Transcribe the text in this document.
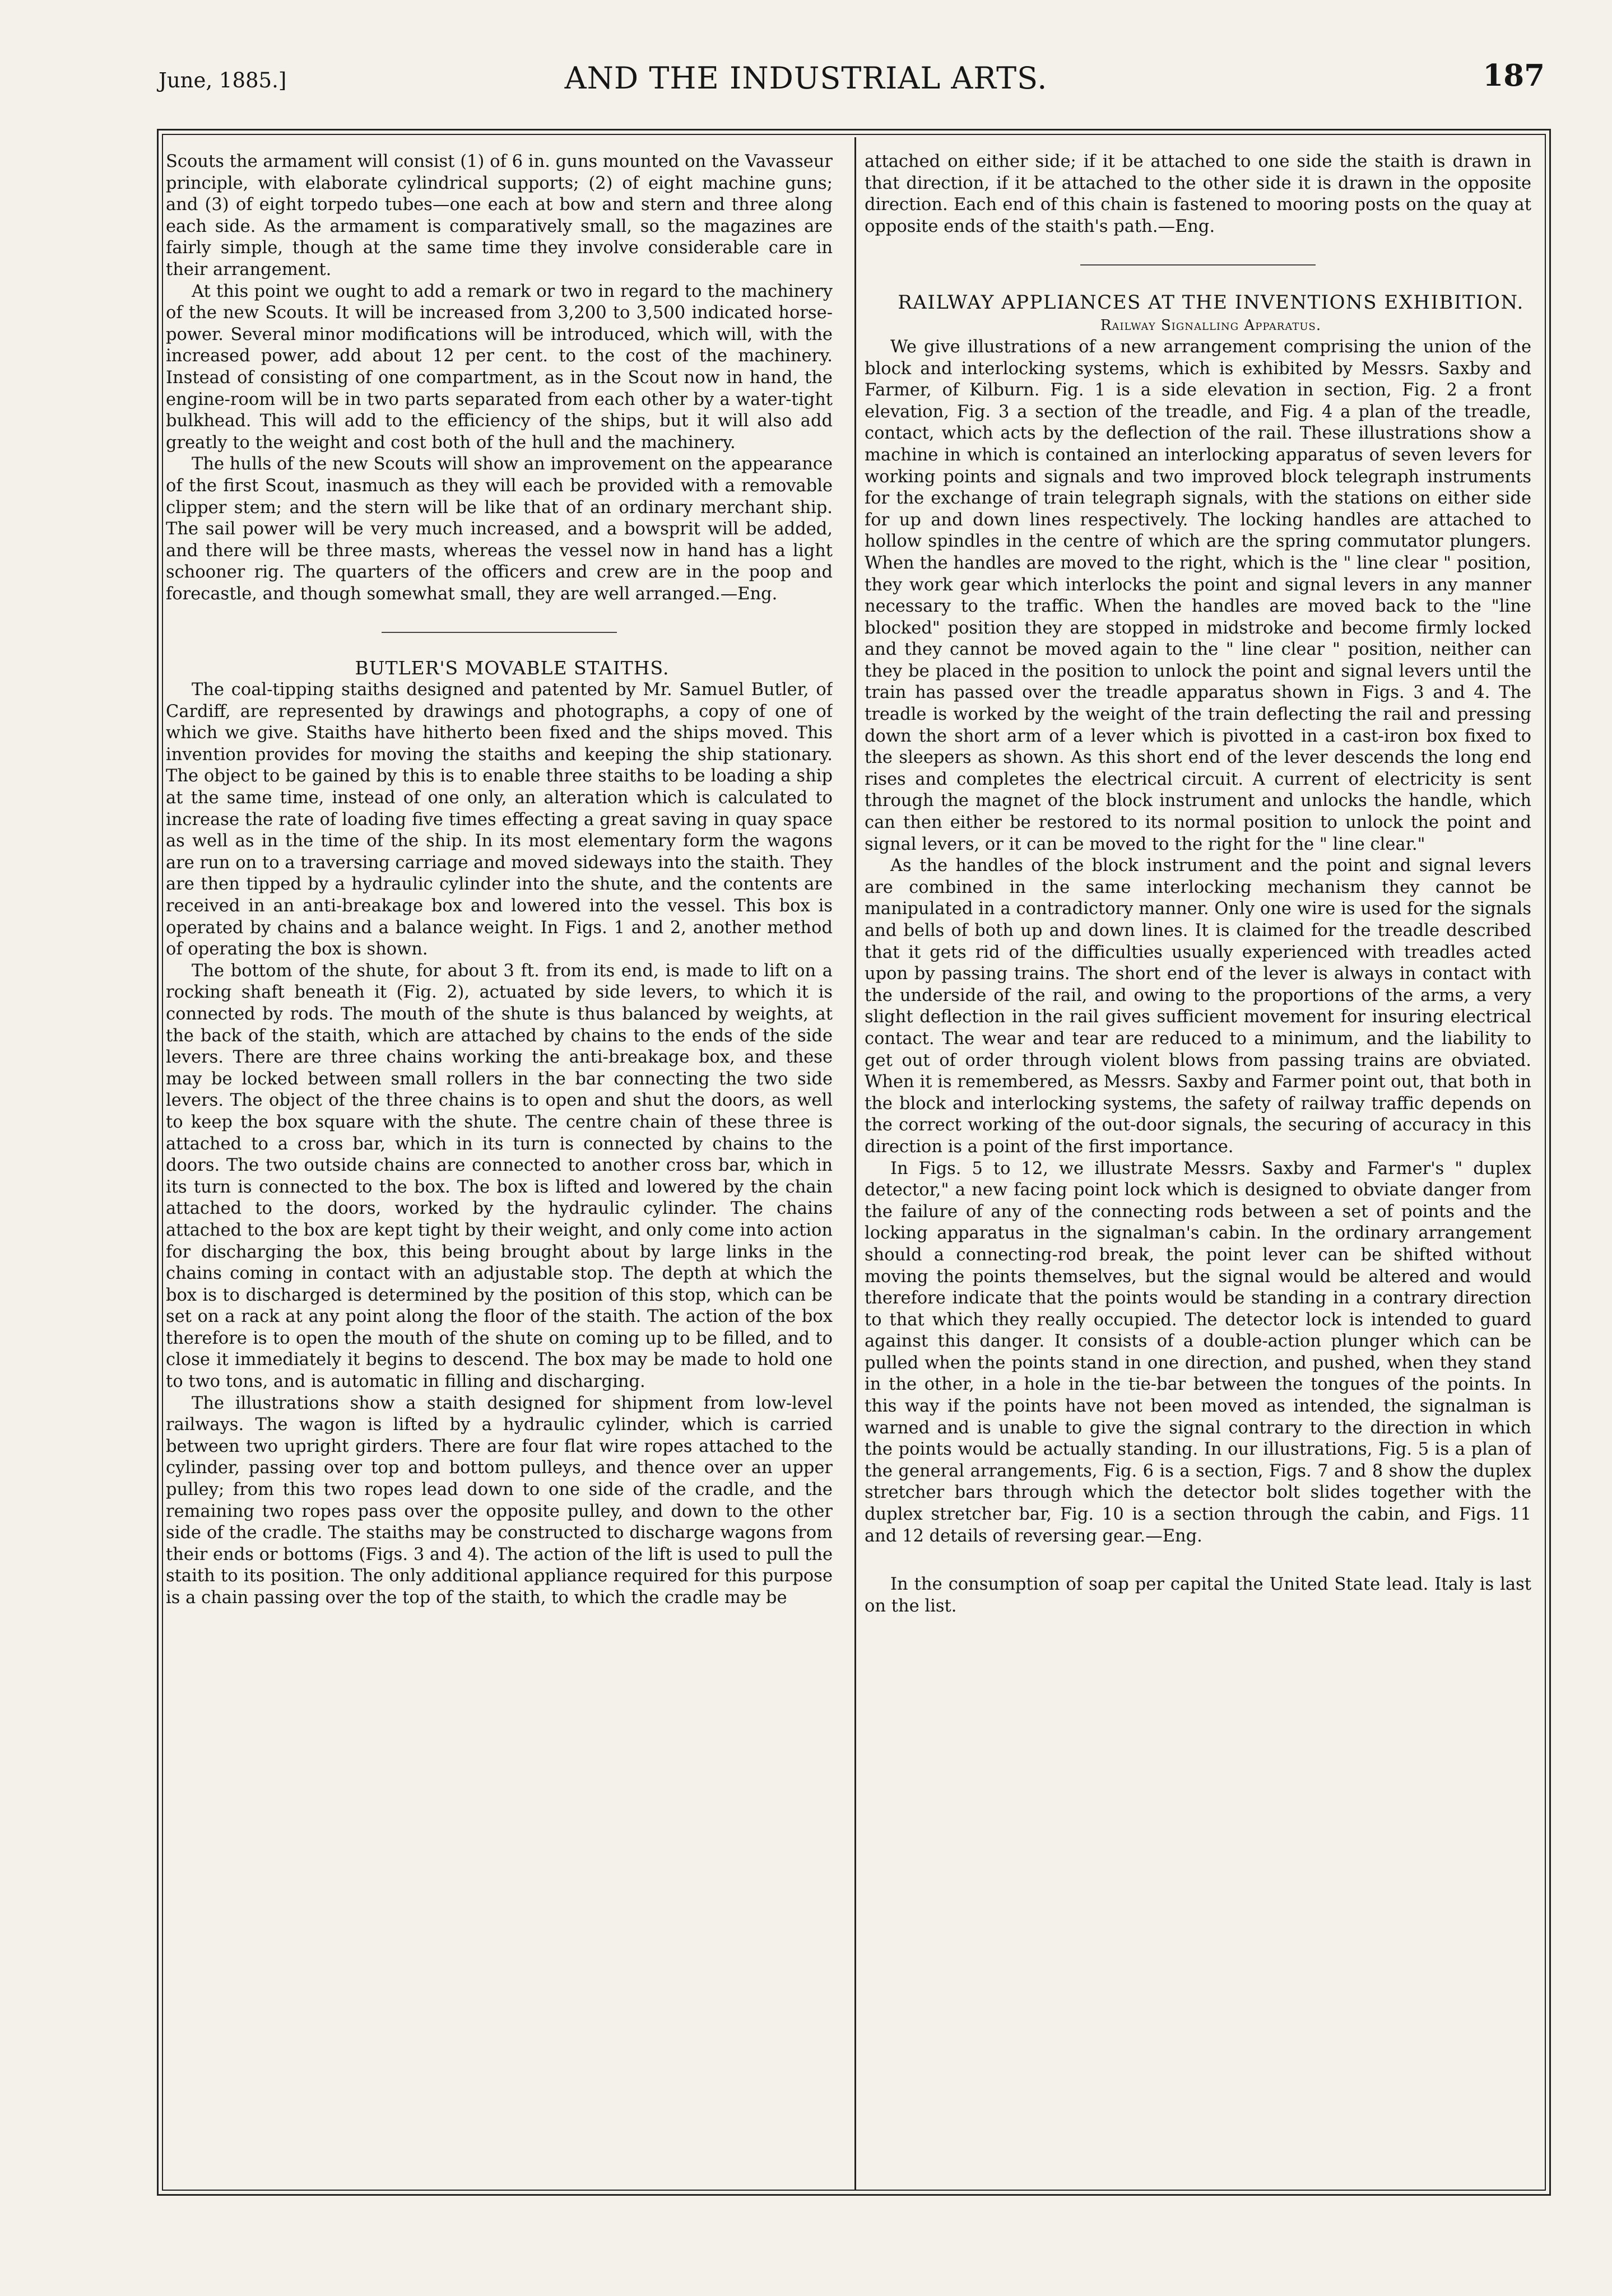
June, 1885.]	AND THE INDUSTRIAL ARTS.	187

Scouts the armament will consist (1) of 6 in. guns mounted on the Vavasseur principle, with elaborate cylindrical supports; (2) of eight machine guns; and (3) of eight torpedo tubes—one each at bow and stern and three along each side. As the armament is comparatively small, so the magazines are fairly simple, though at the same time they involve considerable care in their arrangement.

At this point we ought to add a remark or two in regard to the machinery of the new Scouts. It will be increased from 3,200 to 3,500 indicated horse-power. Several minor modifications will be introduced, which will, with the increased power, add about 12 per cent. to the cost of the machinery. Instead of consisting of one compartment, as in the Scout now in hand, the engine-room will be in two parts separated from each other by a water-tight bulkhead. This will add to the efficiency of the ships, but it will also add greatly to the weight and cost both of the hull and the machinery.

The hulls of the new Scouts will show an improvement on the appearance of the first Scout, inasmuch as they will each be provided with a removable clipper stem; and the stern will be like that of an ordinary merchant ship. The sail power will be very much increased, and a bowsprit will be added, and there will be three masts, whereas the vessel now in hand has a light schooner rig. The quarters of the officers and crew are in the poop and forecastle, and though somewhat small, they are well arranged.—Eng.

BUTLER'S MOVABLE STAITHS.

The coal-tipping staiths designed and patented by Mr. Samuel Butler, of Cardiff, are represented by drawings and photographs, a copy of one of which we give. Staiths have hitherto been fixed and the ships moved. This invention provides for moving the staiths and keeping the ship stationary. The object to be gained by this is to enable three staiths to be loading a ship at the same time, instead of one only, an alteration which is calculated to increase the rate of loading five times effecting a great saving in quay space as well as in the time of the ship. In its most elementary form the wagons are run on to a traversing carriage and moved sideways into the staith. They are then tipped by a hydraulic cylinder into the shute, and the contents are received in an anti-breakage box and lowered into the vessel. This box is operated by chains and a balance weight. In Figs. 1 and 2, another method of operating the box is shown.

The bottom of the shute, for about 3 ft. from its end, is made to lift on a rocking shaft beneath it (Fig. 2), actuated by side levers, to which it is connected by rods. The mouth of the shute is thus balanced by weights, at the back of the staith, which are attached by chains to the ends of the side levers. There are three chains working the anti-breakage box, and these may be locked between small rollers in the bar connecting the two side levers. The object of the three chains is to open and shut the doors, as well to keep the box square with the shute. The centre chain of these three is attached to a cross bar, which in its turn is connected by chains to the doors. The two outside chains are connected to another cross bar, which in its turn is connected to the box. The box is lifted and lowered by the chain attached to the doors, worked by the hydraulic cylinder. The chains attached to the box are kept tight by their weight, and only come into action for discharging the box, this being brought about by large links in the chains coming in contact with an adjustable stop. The depth at which the box is to discharged is determined by the position of this stop, which can be set on a rack at any point along the floor of the staith. The action of the box therefore is to open the mouth of the shute on coming up to be filled, and to close it immediately it begins to descend. The box may be made to hold one to two tons, and is automatic in filling and discharging.

The illustrations show a staith designed for shipment from low-level railways. The wagon is lifted by a hydraulic cylinder, which is carried between two upright girders. There are four flat wire ropes attached to the cylinder, passing over top and bottom pulleys, and thence over an upper pulley; from this two ropes lead down to one side of the cradle, and the remaining two ropes pass over the opposite pulley, and down to the other side of the cradle. The staiths may be constructed to discharge wagons from their ends or bottoms (Figs. 3 and 4). The action of the lift is used to pull the staith to its position. The only additional appliance required for this purpose is a chain passing over the top of the staith, to which the cradle may be

attached on either side; if it be attached to one side the staith is drawn in that direction, if it be attached to the other side it is drawn in the opposite direction. Each end of this chain is fastened to mooring posts on the quay at opposite ends of the staith's path.—Eng.

RAILWAY APPLIANCES AT THE INVENTIONS EXHIBITION.

Railway Signalling Apparatus.

We give illustrations of a new arrangement comprising the union of the block and interlocking systems, which is exhibited by Messrs. Saxby and Farmer, of Kilburn. Fig. 1 is a side elevation in section, Fig. 2 a front elevation, Fig. 3 a section of the treadle, and Fig. 4 a plan of the treadle, contact, which acts by the deflection of the rail. These illustrations show a machine in which is contained an interlocking apparatus of seven levers for working points and signals and two improved block telegraph instruments for the exchange of train telegraph signals, with the stations on either side for up and down lines respectively. The locking handles are attached to hollow spindles in the centre of which are the spring commutator plungers. When the handles are moved to the right, which is the " line clear " position, they work gear which interlocks the point and signal levers in any manner necessary to the traffic. When the handles are moved back to the "line blocked" position they are stopped in midstroke and become firmly locked and they cannot be moved again to the " line clear " position, neither can they be placed in the position to unlock the point and signal levers until the train has passed over the treadle apparatus shown in Figs. 3 and 4. The treadle is worked by the weight of the train deflecting the rail and pressing down the short arm of a lever which is pivotted in a cast-iron box fixed to the sleepers as shown. As this short end of the lever descends the long end rises and completes the electrical circuit. A current of electricity is sent through the magnet of the block instrument and unlocks the handle, which can then either be restored to its normal position to unlock the point and signal levers, or it can be moved to the right for the " line clear."

As the handles of the block instrument and the point and signal levers are combined in the same interlocking mechanism they cannot be manipulated in a contradictory manner. Only one wire is used for the signals and bells of both up and down lines. It is claimed for the treadle described that it gets rid of the difficulties usually experienced with treadles acted upon by passing trains. The short end of the lever is always in contact with the underside of the rail, and owing to the proportions of the arms, a very slight deflection in the rail gives sufficient movement for insuring electrical contact. The wear and tear are reduced to a minimum, and the liability to get out of order through violent blows from passing trains are obviated. When it is remembered, as Messrs. Saxby and Farmer point out, that both in the block and interlocking systems, the safety of railway traffic depends on the correct working of the out-door signals, the securing of accuracy in this direction is a point of the first importance.

In Figs. 5 to 12, we illustrate Messrs. Saxby and Farmer's " duplex detector," a new facing point lock which is designed to obviate danger from the failure of any of the connecting rods between a set of points and the locking apparatus in the signalman's cabin. In the ordinary arrangement should a connecting-rod break, the point lever can be shifted without moving the points themselves, but the signal would be altered and would therefore indicate that the points would be standing in a contrary direction to that which they really occupied. The detector lock is intended to guard against this danger. It consists of a double-action plunger which can be pulled when the points stand in one direction, and pushed, when they stand in the other, in a hole in the tie-bar between the tongues of the points. In this way if the points have not been moved as intended, the signalman is warned and is unable to give the signal contrary to the direction in which the points would be actually standing. In our illustrations, Fig. 5 is a plan of the general arrangements, Fig. 6 is a section, Figs. 7 and 8 show the duplex stretcher bars through which the detector bolt slides together with the duplex stretcher bar, Fig. 10 is a section through the cabin, and Figs. 11 and 12 details of reversing gear.—Eng.

In the consumption of soap per capital the United State lead. Italy is last on the list.
